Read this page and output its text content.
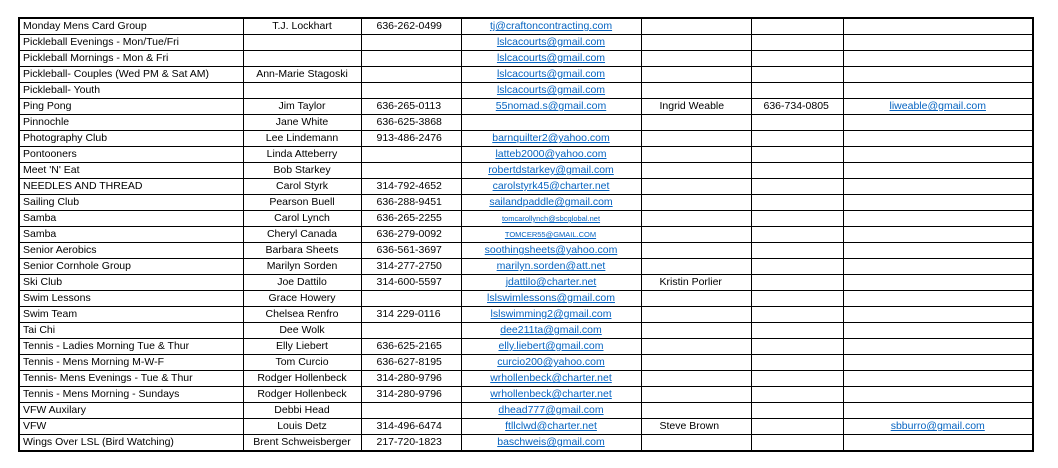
Monday Mens Card Group	T.J. Lockhart	636-262-0499	tj@craftoncontracting.com			
Pickleball Evenings - Mon/Tue/Fri			lslcacourts@gmail.com			
Pickleball Mornings - Mon & Fri			lslcacourts@gmail.com			
Pickleball- Couples (Wed PM & Sat AM)	Ann-Marie Stagoski		lslcacourts@gmail.com			
Pickleball- Youth			lslcacourts@gmail.com			
Ping Pong	Jim Taylor	636-265-0113	55nomad.s@gmail.com	Ingrid Weable	636-734-0805	liweable@gmail.com
Pinnochle	Jane White	636-625-3868				
Photography Club	Lee Lindemann	913-486-2476	barnquilter2@yahoo.com			
Pontooners	Linda Atteberry		latteb2000@yahoo.com			
Meet 'N' Eat	Bob Starkey		robertdstarkey@gmail.com			
NEEDLES AND THREAD	Carol Styrk	314-792-4652	carolstyrk45@charter.net			
Sailing Club	Pearson Buell	636-288-9451	sailandpaddle@gmail.com			
Samba	Carol Lynch	636-265-2255	tomcarollynch@sbcglobal.net			
Samba	Cheryl Canada	636-279-0092	TOMCER55@GMAIL.COM			
Senior Aerobics	Barbara Sheets	636-561-3697	soothingsheets@yahoo.com			
Senior Cornhole Group	Marilyn Sorden	314-277-2750	marilyn.sorden@att.net			
Ski Club	Joe Dattilo	314-600-5597	jdattilo@charter.net	Kristin Porlier		
Swim Lessons	Grace Howery		lslswimlessons@gmail.com			
Swim Team	Chelsea Renfro	314 229-0116	lslswimming2@gmail.com			
Tai Chi	Dee Wolk		dee211ta@gmail.com			
Tennis - Ladies Morning Tue & Thur	Elly Liebert	636-625-2165	elly.liebert@gmail.com			
Tennis - Mens Morning M-W-F	Tom Curcio	636-627-8195	curcio200@yahoo.com			
Tennis- Mens Evenings - Tue & Thur	Rodger Hollenbeck	314-280-9796	wrhollenbeck@charter.net			
Tennis - Mens Morning - Sundays	Rodger Hollenbeck	314-280-9796	wrhollenbeck@charter.net			
VFW Auxilary	Debbi Head		dhead777@gmail.com			
VFW	Louis Detz	314-496-6474	ftllclwd@charter.net	Steve Brown		sbburro@gmail.com
Wings Over LSL (Bird Watching)	Brent Schweisberger	217-720-1823	baschweis@gmail.com			
